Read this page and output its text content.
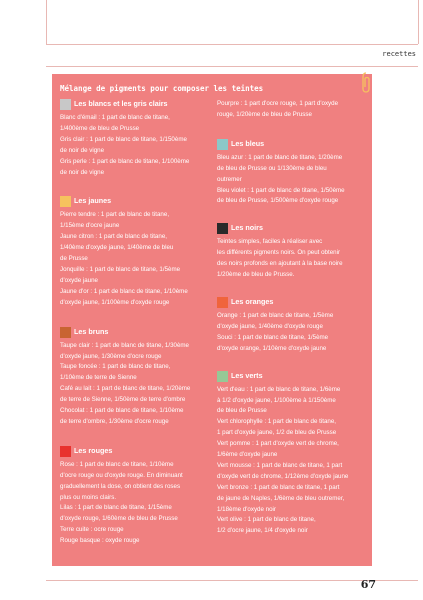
recettes
Mélange de pigments pour composer les teintes
Les blancs et les gris clairs
Blanc d'émail : 1 part de blanc de titane,
1/400ème de bleu de Prusse
Gris clair : 1 part de blanc de titane, 1/150ème
de noir de vigne
Gris perle : 1 part de blanc de titane, 1/100ème
de noir de vigne
Les jaunes
Pierre tendre : 1 part de blanc de titane,
1/15ème d'ocre jaune
Jaune citron : 1 part de blanc de titane,
1/40ème d'oxyde jaune, 1/40ème de bleu
de Prusse
Jonquille : 1 part de blanc de titane, 1/5ème
d'oxyde jaune
Jaune d'or : 1 part de blanc de titane, 1/10ème
d'oxyde jaune, 1/100ème d'oxyde rouge
Les bruns
Taupe clair : 1 part de blanc de titane, 1/30ème
d'oxyde jaune, 1/30ème d'ocre rouge
Taupe foncée : 1 part de blanc de titane,
1/10ème de terre de Sienne
Café au lait : 1 part de blanc de titane, 1/20ème
de terre de Sienne, 1/50ème de terre d'ombre
Chocolat : 1 part de blanc de titane, 1/10ème
de terre d'ombre, 1/30ème d'ocre rouge
Les rouges
Rose : 1 part de blanc de titane, 1/10ème
d'ocre rouge ou d'oxyde rouge. En diminuant
graduellement la dose, on obtient des roses
plus ou moins clairs.
Lilas : 1 part de blanc de titane, 1/15ème
d'oxyde rouge, 1/60ème de bleu de Prusse
Terre cuite : ocre rouge
Rouge basque : oxyde rouge
Pourpre : 1 part d'ocre rouge, 1 part d'oxyde
rouge, 1/20ème de bleu de Prusse
Les bleus
Bleu azur : 1 part de blanc de titane, 1/20ème
de bleu de Prusse ou 1/130ème de bleu
outremer
Bleu violet : 1 part de blanc de titane, 1/50ème
de bleu de Prusse, 1/500ème d'oxyde rouge
Les noirs
Teintes simples, faciles à réaliser avec
les différents pigments noirs. On peut obtenir
des noirs profonds en ajoutant à la base noire
1/20ème de bleu de Prusse.
Les oranges
Orange : 1 part de blanc de titane, 1/5ème
d'oxyde jaune, 1/40ème d'oxyde rouge
Souci : 1 part de blanc de titane, 1/5ème
d'oxyde orange, 1/10ème d'oxyde jaune
Les verts
Vert d'eau : 1 part de blanc de titane, 1/6ème
à 1/2 d'oxyde jaune, 1/100ème à 1/150ème
de bleu de Prusse
Vert chlorophylle : 1 part de blanc de titane,
1 part d'oxyde jaune, 1/2 de bleu de Prusse
Vert pomme : 1 part d'oxyde vert de chrome,
1/6ème d'oxyde jaune
Vert mousse : 1 part de blanc de titane, 1 part
d'oxyde vert de chrome, 1/12ème d'oxyde jaune
Vert bronze : 1 part de blanc de titane, 1 part
de jaune de Naples, 1/6ème de bleu outremer,
1/18ème d'oxyde noir
Vert olive : 1 part de blanc de titane,
1/2 d'ocre jaune, 1/4 d'oxyde noir
67
